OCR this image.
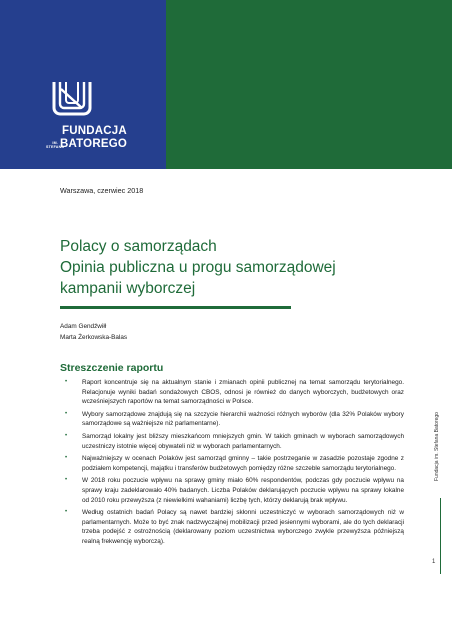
FUNDACJA
IM. STEFANA
BATOREGO
Warszawa, czerwiec 2018
Polacy o samorządach
Opinia publiczna u progu samorządowej
kampanii wyborczej
Adam Gendźwiłł
Marta Żerkowska-Balas
Streszczenie raportu
• Raport koncentruje się na aktualnym stanie i zmianach opinii publicznej na temat samorządu terytorialnego. Relacjonuje wyniki badań sondażowych CBOS, odnosi je również do danych wyborczych, budżetowych oraz wcześniejszych raportów na temat samorządności w Polsce.
• Wybory samorządowe znajdują się na szczycie hierarchii ważności różnych wyborów (dla 32% Polaków wybory samorządowe są ważniejsze niż parlamentarne).
• Samorząd lokalny jest bliższy mieszkańcom mniejszych gmin. W takich gminach w wyborach samorządowych uczestniczy istotnie więcej obywateli niż w wyborach parlamentarnych.
• Najważniejszy w ocenach Polaków jest samorząd gminny – takie postrzeganie w zasadzie pozostaje zgodne z podziałem kompetencji, majątku i transferów budżetowych pomiędzy różne szczeble samorządu terytorialnego.
• W 2018 roku poczucie wpływu na sprawy gminy miało 60% respondentów, podczas gdy poczucie wpływu na sprawy kraju zadeklarowało 40% badanych. Liczba Polaków deklarujących poczucie wpływu na sprawy lokalne od 2010 roku przewyższa (z niewielkimi wahaniami) liczbę tych, którzy deklarują brak wpływu.
• Według ostatnich badań Polacy są nawet bardziej skłonni uczestniczyć w wyborach samorządowych niż w parlamentarnych. Może to być znak nadzwyczajnej mobilizacji przed jesiennymi wyborami, ale do tych deklaracji trzeba podejść z ostrożnością (deklarowany poziom uczestnictwa wyborczego zwykle przewyższa późniejszą realną frekwencję wyborczą).
Fundacja im. Stefana Batorego
1
